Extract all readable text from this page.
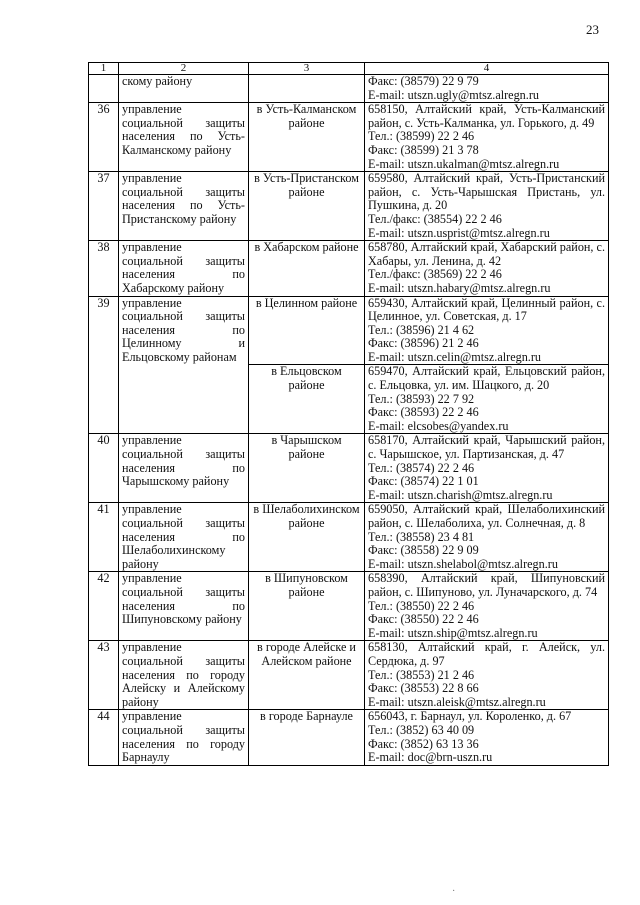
23
1	2	3	4

	скому району		Факс: (38579) 22 9 79
E-mail: utszn.ugly@mtsz.alregn.ru

36	управление социальной защиты населения по Усть-Калманскому району	в Усть-Калманском районе	658150, Алтайский край, Усть-Калманский район, с. Усть-Калманка, ул. Горького, д. 49
Тел.: (38599) 22 2 46
Факс: (38599) 21 3 78
E-mail: utszn.ukalman@mtsz.alregn.ru

37	управление социальной защиты населения по Усть-Пристанскому району	в Усть-Пристанском районе	659580, Алтайский край, Усть-Пристанский район, с. Усть-Чарышская Пристань, ул. Пушкина, д. 20
Тел./факс: (38554) 22 2 46
E-mail: utszn.usprist@mtsz.alregn.ru

38	управление социальной защиты населения по Хабарскому району	в Хабарском районе	658780, Алтайский край, Хабарский район, с. Хабары, ул. Ленина, д. 42
Тел./факс: (38569) 22 2 46
E-mail: utszn.habary@mtsz.alregn.ru

39	управление социальной защиты населения по Целинному и Ельцовскому районам	в Целинном районе	659430, Алтайский край, Целинный район, с. Целинное, ул. Советская, д. 17
Тел.: (38596) 21 4 62
Факс: (38596) 21 2 46
E-mail: utszn.celin@mtsz.alregn.ru

		в Ельцовском районе	659470, Алтайский край, Ельцовский район, с. Ельцовка, ул. им. Шацкого, д. 20
Тел.: (38593) 22 7 92
Факс: (38593) 22 2 46
E-mail: elcsobes@yandex.ru

40	управление социальной защиты населения по Чарышскому району	в Чарышском районе	658170, Алтайский край, Чарышский район, с. Чарышское, ул. Партизанская, д. 47
Тел.: (38574) 22 2 46
Факс: (38574) 22 1 01
E-mail: utszn.charish@mtsz.alregn.ru

41	управление социальной защиты населения по Шелаболихинскому району	в Шелаболихинском районе	659050, Алтайский край, Шелаболихинский район, с. Шелаболиха, ул. Солнечная, д. 8
Тел.: (38558) 23 4 81
Факс: (38558) 22 9 09
E-mail: utszn.shelabol@mtsz.alregn.ru

42	управление социальной защиты населения по Шипуновскому району	в Шипуновском районе	658390, Алтайский край, Шипуновский район, с. Шипуново, ул. Луначарского, д. 74
Тел.: (38550) 22 2 46
Факс: (38550) 22 2 46
E-mail: utszn.ship@mtsz.alregn.ru

43	управление социальной защиты населения по городу Алейску и Алейскому району	в городе Алейске и Алейском районе	658130, Алтайский край, г. Алейск, ул. Сердюка, д. 97
Тел.: (38553) 21 2 46
Факс: (38553) 22 8 66
E-mail: utszn.aleisk@mtsz.alregn.ru

44	управление социальной защиты населения по городу Барнаулу	в городе Барнауле	656043, г. Барнаул, ул. Короленко, д. 67
Тел.: (3852) 63 40 09
Факс: (3852) 63 13 36
E-mail: doc@brn-uszn.ru
·
